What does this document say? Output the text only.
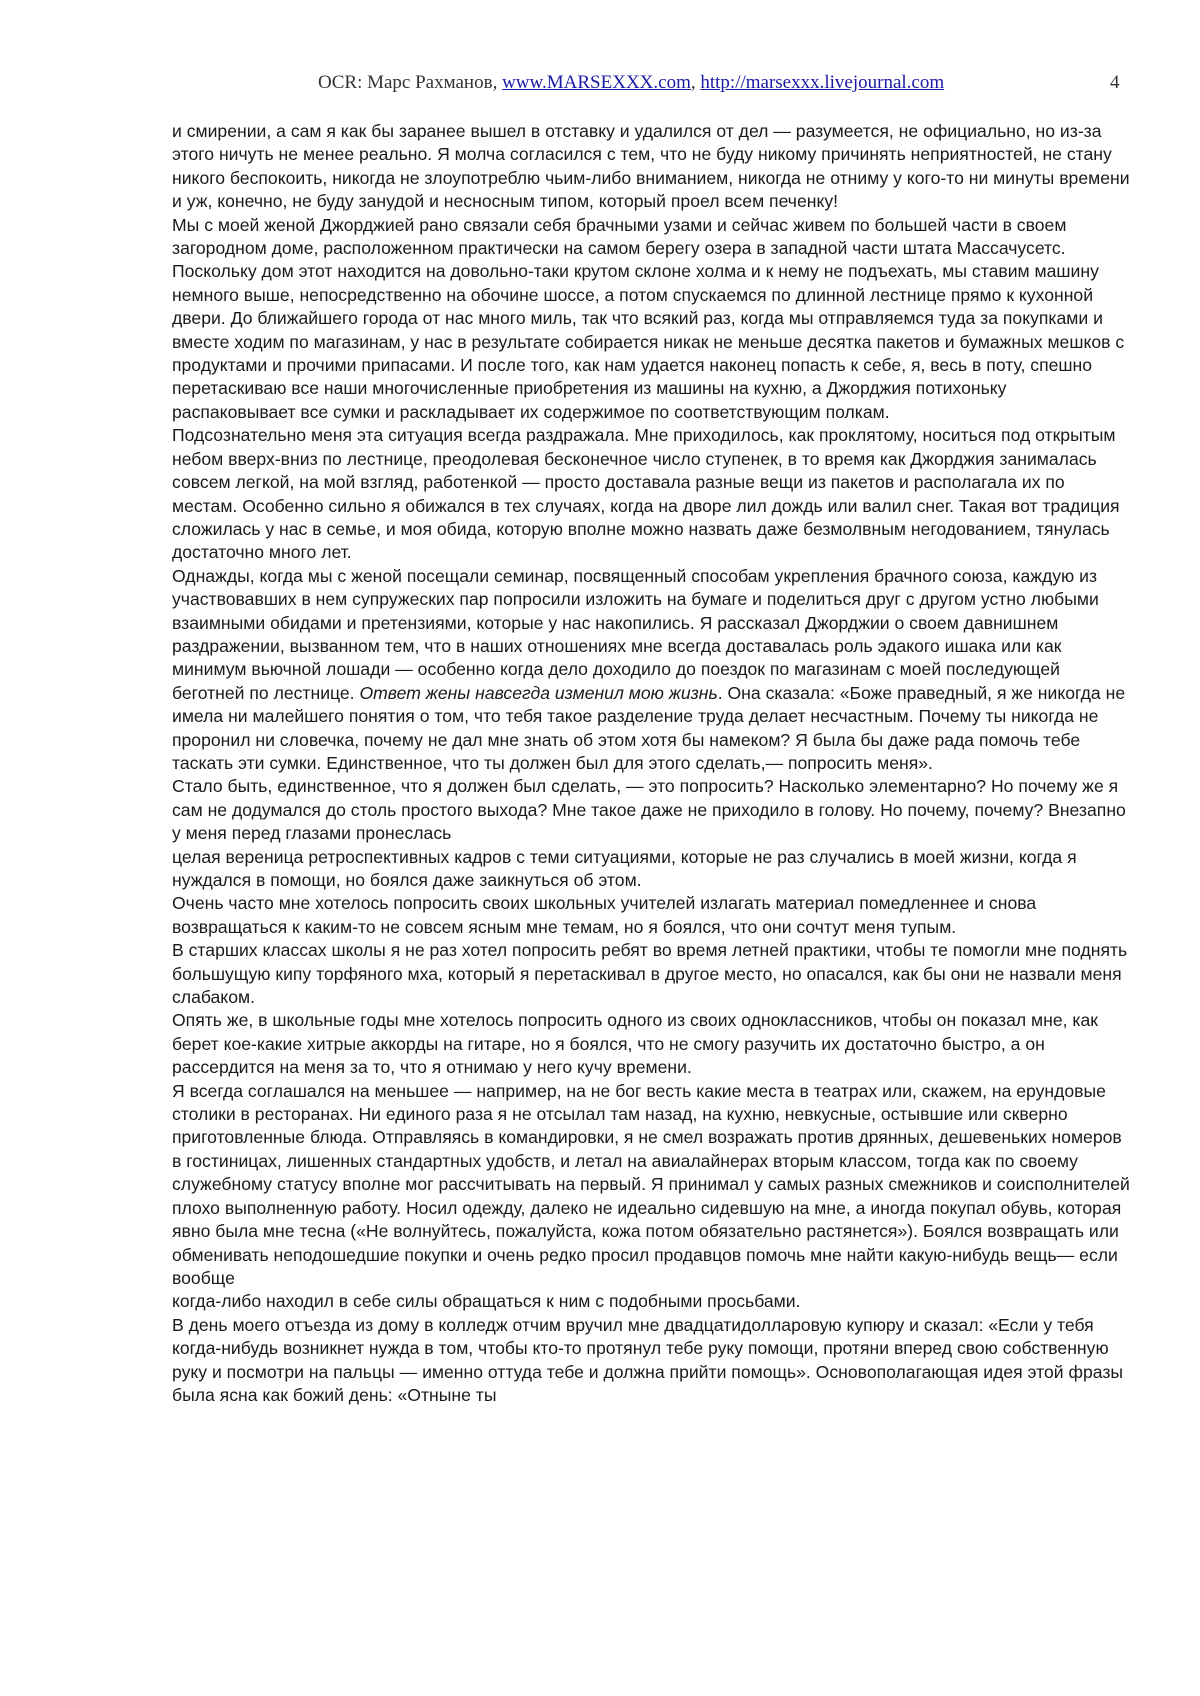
OCR: Марс Рахманов, www.MARSEXXX.com, http://marsexxx.livejournal.com	4

и смирении, а сам я как бы заранее вышел в отставку и удалился от дел — разумеется, не официально, но из-за этого ничуть не менее реально. Я молча согласился с тем, что не буду никому причинять неприятностей, не стану никого беспокоить, никогда не злоупотреблю чьим-либо вниманием, никогда не отниму у кого-то ни минуты времени и уж, конечно, не буду занудой и несносным типом, который проел всем печенку!

Мы с моей женой Джорджией рано связали себя брачными узами и сейчас живем по большей части в своем загородном доме, расположенном практически на самом берегу озера в западной части штата Массачусетс. Поскольку дом этот находится на довольно-таки крутом склоне холма и к нему не подъехать, мы ставим машину немного выше, непосредственно на обочине шоссе, а потом спускаемся по длинной лестнице прямо к кухонной двери. До ближайшего города от нас много миль, так что всякий раз, когда мы отправляемся туда за покупками и вместе ходим по магазинам, у нас в результате собирается никак не меньше десятка пакетов и бумажных мешков с продуктами и прочими припасами. И после того, как нам удается наконец попасть к себе, я, весь в поту, спешно перетаскиваю все наши многочисленные приобретения из машины на кухню, а Джорджия потихоньку распаковывает все сумки и раскладывает их содержимое по соответствующим полкам.

Подсознательно меня эта ситуация всегда раздражала. Мне приходилось, как проклятому, носиться под открытым небом вверх-вниз по лестнице, преодолевая бесконечное число ступенек, в то время как Джорджия занималась совсем легкой, на мой взгляд, работенкой — просто доставала разные вещи из пакетов и располагала их по местам. Особенно сильно я обижался в тех случаях, когда на дворе лил дождь или валил снег. Такая вот традиция сложилась у нас в семье, и моя обида, которую вполне можно назвать даже безмолвным негодованием, тянулась достаточно много лет.

Однажды, когда мы с женой посещали семинар, посвященный способам укрепления брачного союза, каждую из участвовавших в нем супружеских пар попросили изложить на бумаге и поделиться друг с другом устно любыми взаимными обидами и претензиями, которые у нас накопились. Я рассказал Джорджии о своем давнишнем раздражении, вызванном тем, что в наших отношениях мне всегда доставалась роль эдакого ишака или как минимум вьючной лошади — особенно когда дело доходило до поездок по магазинам с моей последующей беготней по лестнице. Ответ жены навсегда изменил мою жизнь. Она сказала: «Боже праведный, я же никогда не имела ни малейшего понятия о том, что тебя такое разделение труда делает несчастным. Почему ты никогда не проронил ни словечка, почему не дал мне знать об этом хотя бы намеком? Я была бы даже рада помочь тебе таскать эти сумки. Единственное, что ты должен был для этого сделать,— попросить меня».

Стало быть, единственное, что я должен был сделать, — это попросить? Насколько элементарно? Но почему же я сам не додумался до столь простого выхода? Мне такое даже не приходило в голову. Но почему, почему? Внезапно у меня перед глазами пронеслась

целая вереница ретроспективных кадров с теми ситуациями, которые не раз случались в моей жизни, когда я нуждался в помощи, но боялся даже заикнуться об этом.

Очень часто мне хотелось попросить своих школьных учителей излагать материал помедленнее и снова возвращаться к каким-то не совсем ясным мне темам, но я боялся, что они сочтут меня тупым.

В старших классах школы я не раз хотел попросить ребят во время летней практики, чтобы те помогли мне поднять большущую кипу торфяного мха, который я перетаскивал в другое место, но опасался, как бы они не назвали меня слабаком.

Опять же, в школьные годы мне хотелось попросить одного из своих одноклассников, чтобы он показал мне, как берет кое-какие хитрые аккорды на гитаре, но я боялся, что не смогу разучить их достаточно быстро, а он рассердится на меня за то, что я отнимаю у него кучу времени.

Я всегда соглашался на меньшее — например, на не бог весть какие места в театрах или, скажем, на ерундовые столики в ресторанах. Ни единого раза я не отсылал там назад, на кухню, невкусные, остывшие или скверно приготовленные блюда. Отправляясь в командировки, я не смел возражать против дрянных, дешевеньких номеров в гостиницах, лишенных стандартных удобств, и летал на авиалайнерах вторым классом, тогда как по своему служебному статусу вполне мог рассчитывать на первый. Я принимал у самых разных смежников и соисполнителей плохо выполненную работу. Носил одежду, далеко не идеально сидевшую на мне, а иногда покупал обувь, которая явно была мне тесна («Не волнуйтесь, пожалуйста, кожа потом обязательно растянется»). Боялся возвращать или обменивать неподошедшие покупки и очень редко просил продавцов помочь мне найти какую-нибудь вещь— если вообще

когда-либо находил в себе силы обращаться к ним с подобными просьбами.

В день моего отъезда из дому в колледж отчим вручил мне двадцатидолларовую купюру и сказал: «Если у тебя когда-нибудь возникнет нужда в том, чтобы кто-то протянул тебе руку помощи, протяни вперед свою собственную руку и посмотри на пальцы — именно оттуда тебе и должна прийти помощь». Основополагающая идея этой фразы была ясна как божий день: «Отныне ты
